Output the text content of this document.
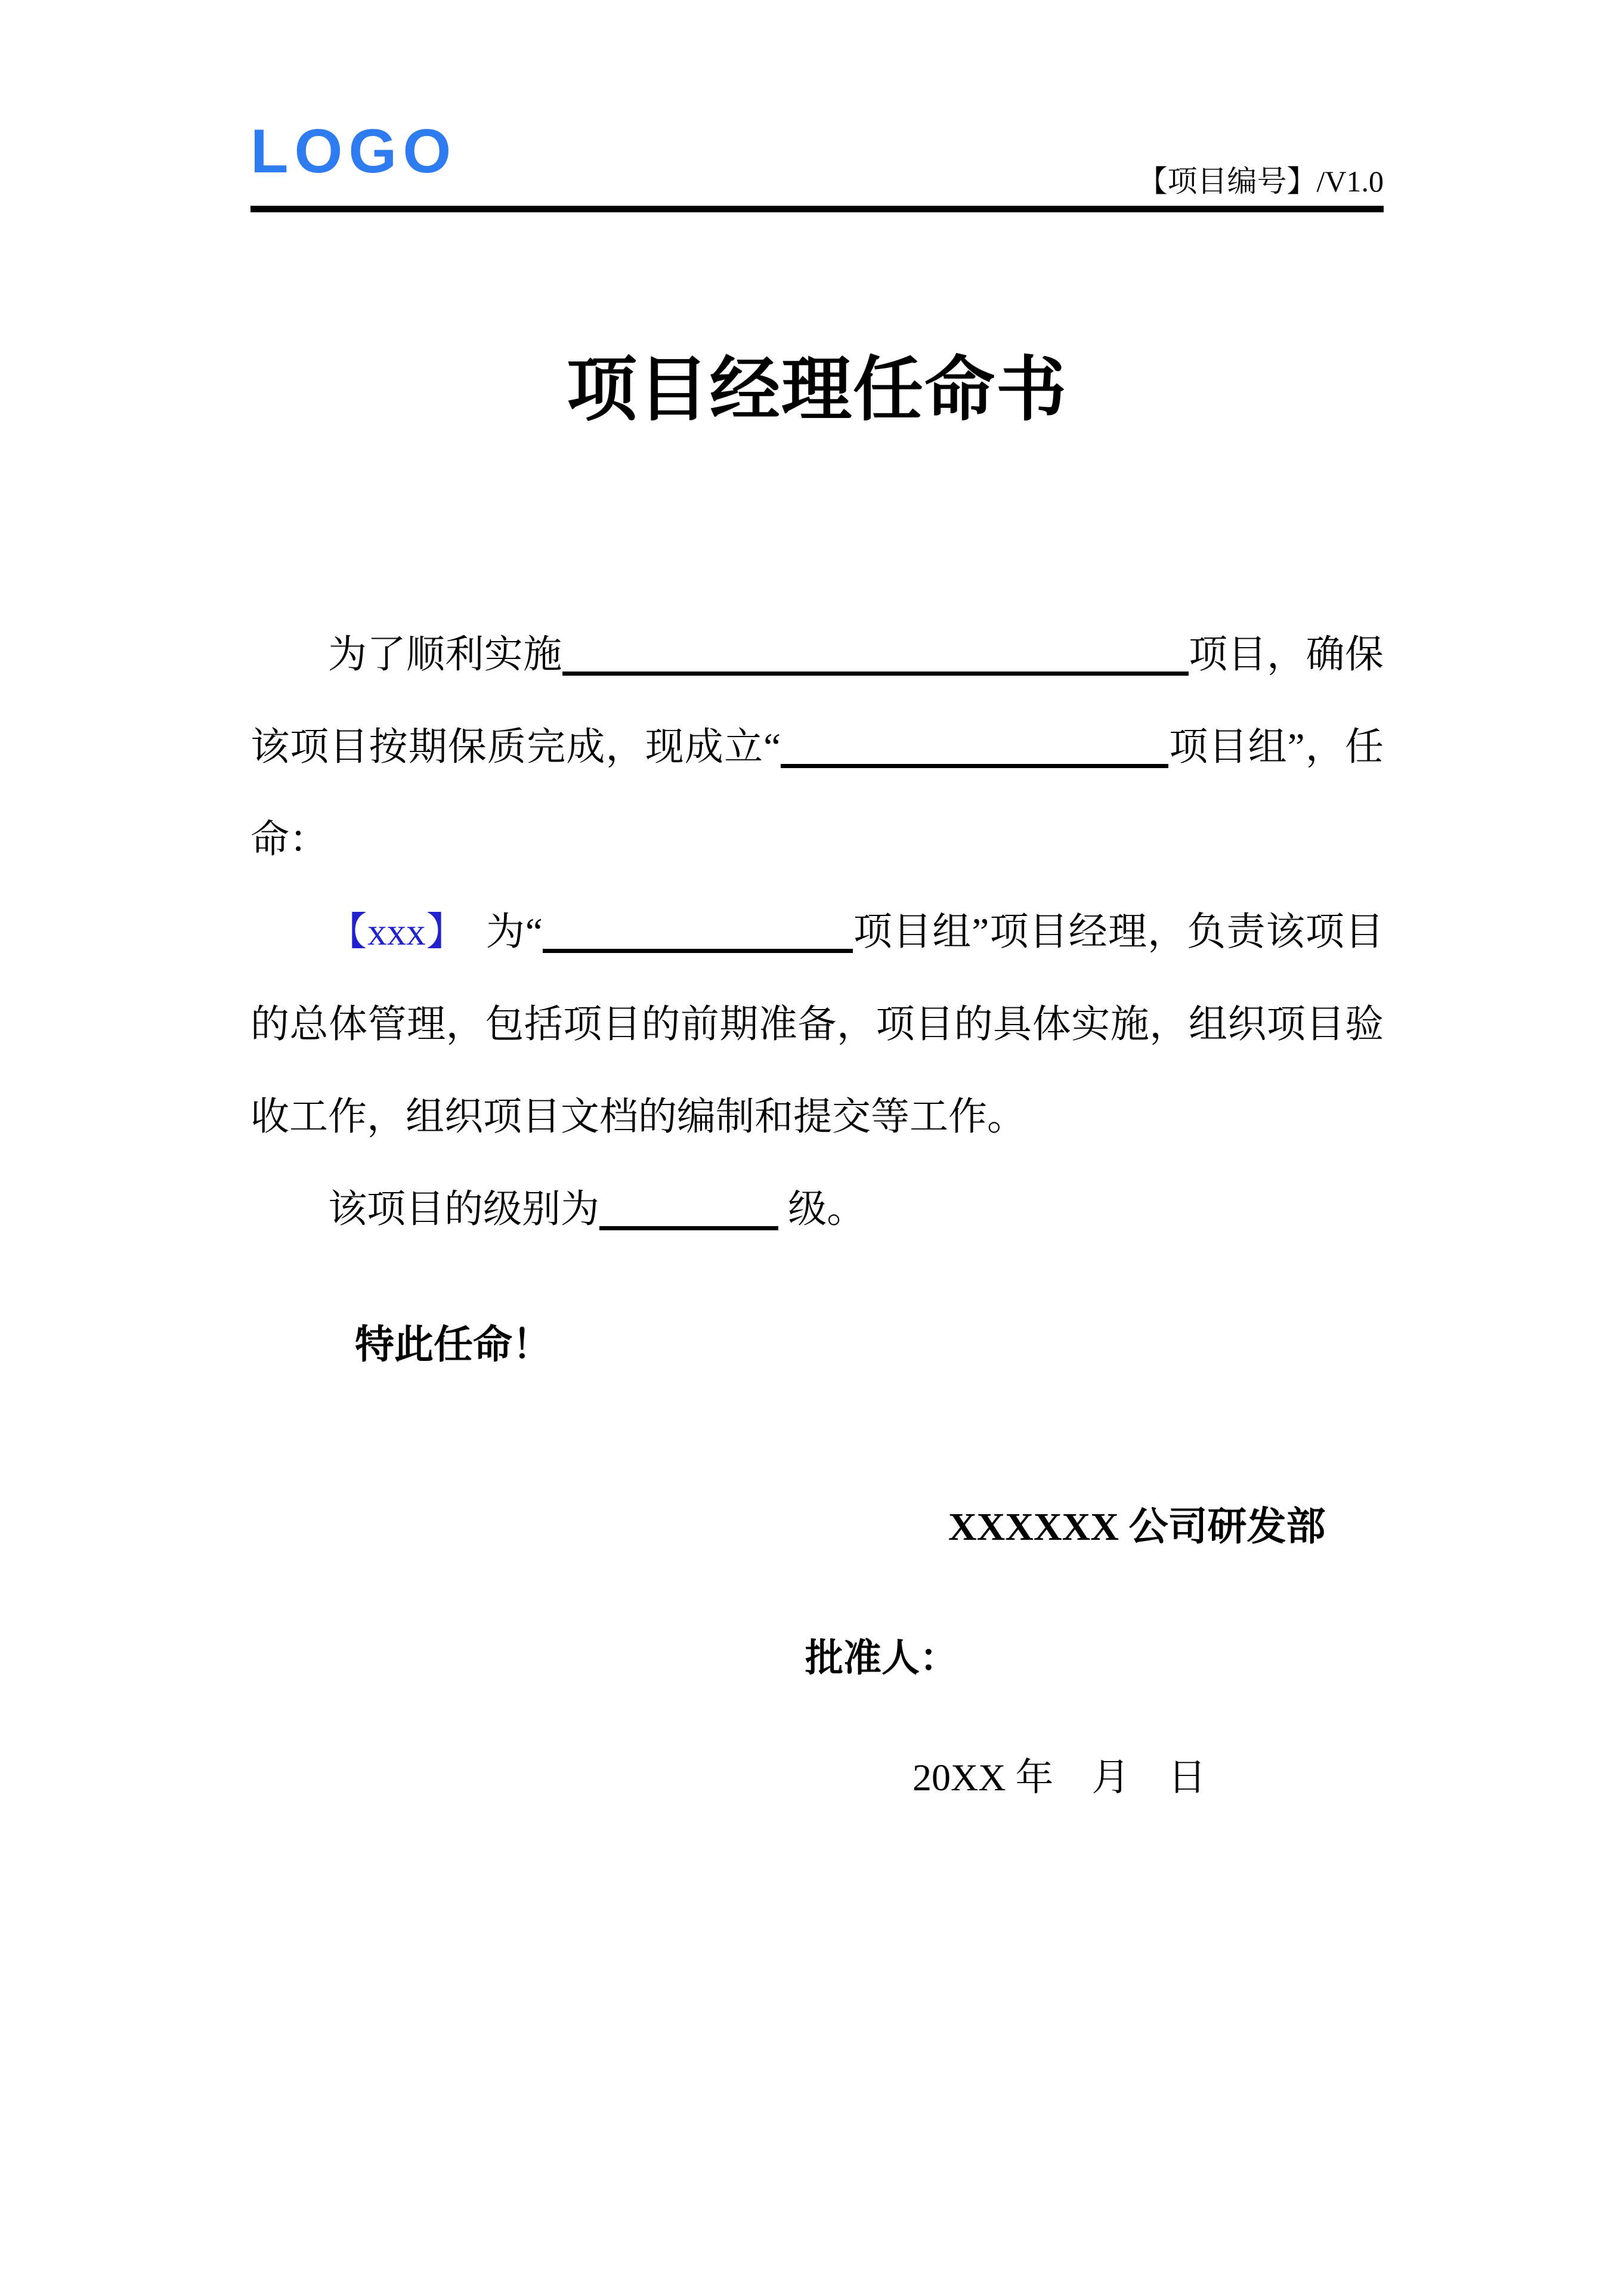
LOGO	【项目编号】/V1.0
项目经理任命书

为了顺利实施	项目，确保该项目按期保质完成，现成立“	项目组”，任命：

【xxx】　为“	项目组”项目经理，负责该项目的总体管理，包括项目的前期准备，项目的具体实施，组织项目验收工作，组织项目文档的编制和提交等工作。

该项目的级别为	级。

特此任命！

XXXXXX 公司研发部
批准人：
20XX 年　月　日
